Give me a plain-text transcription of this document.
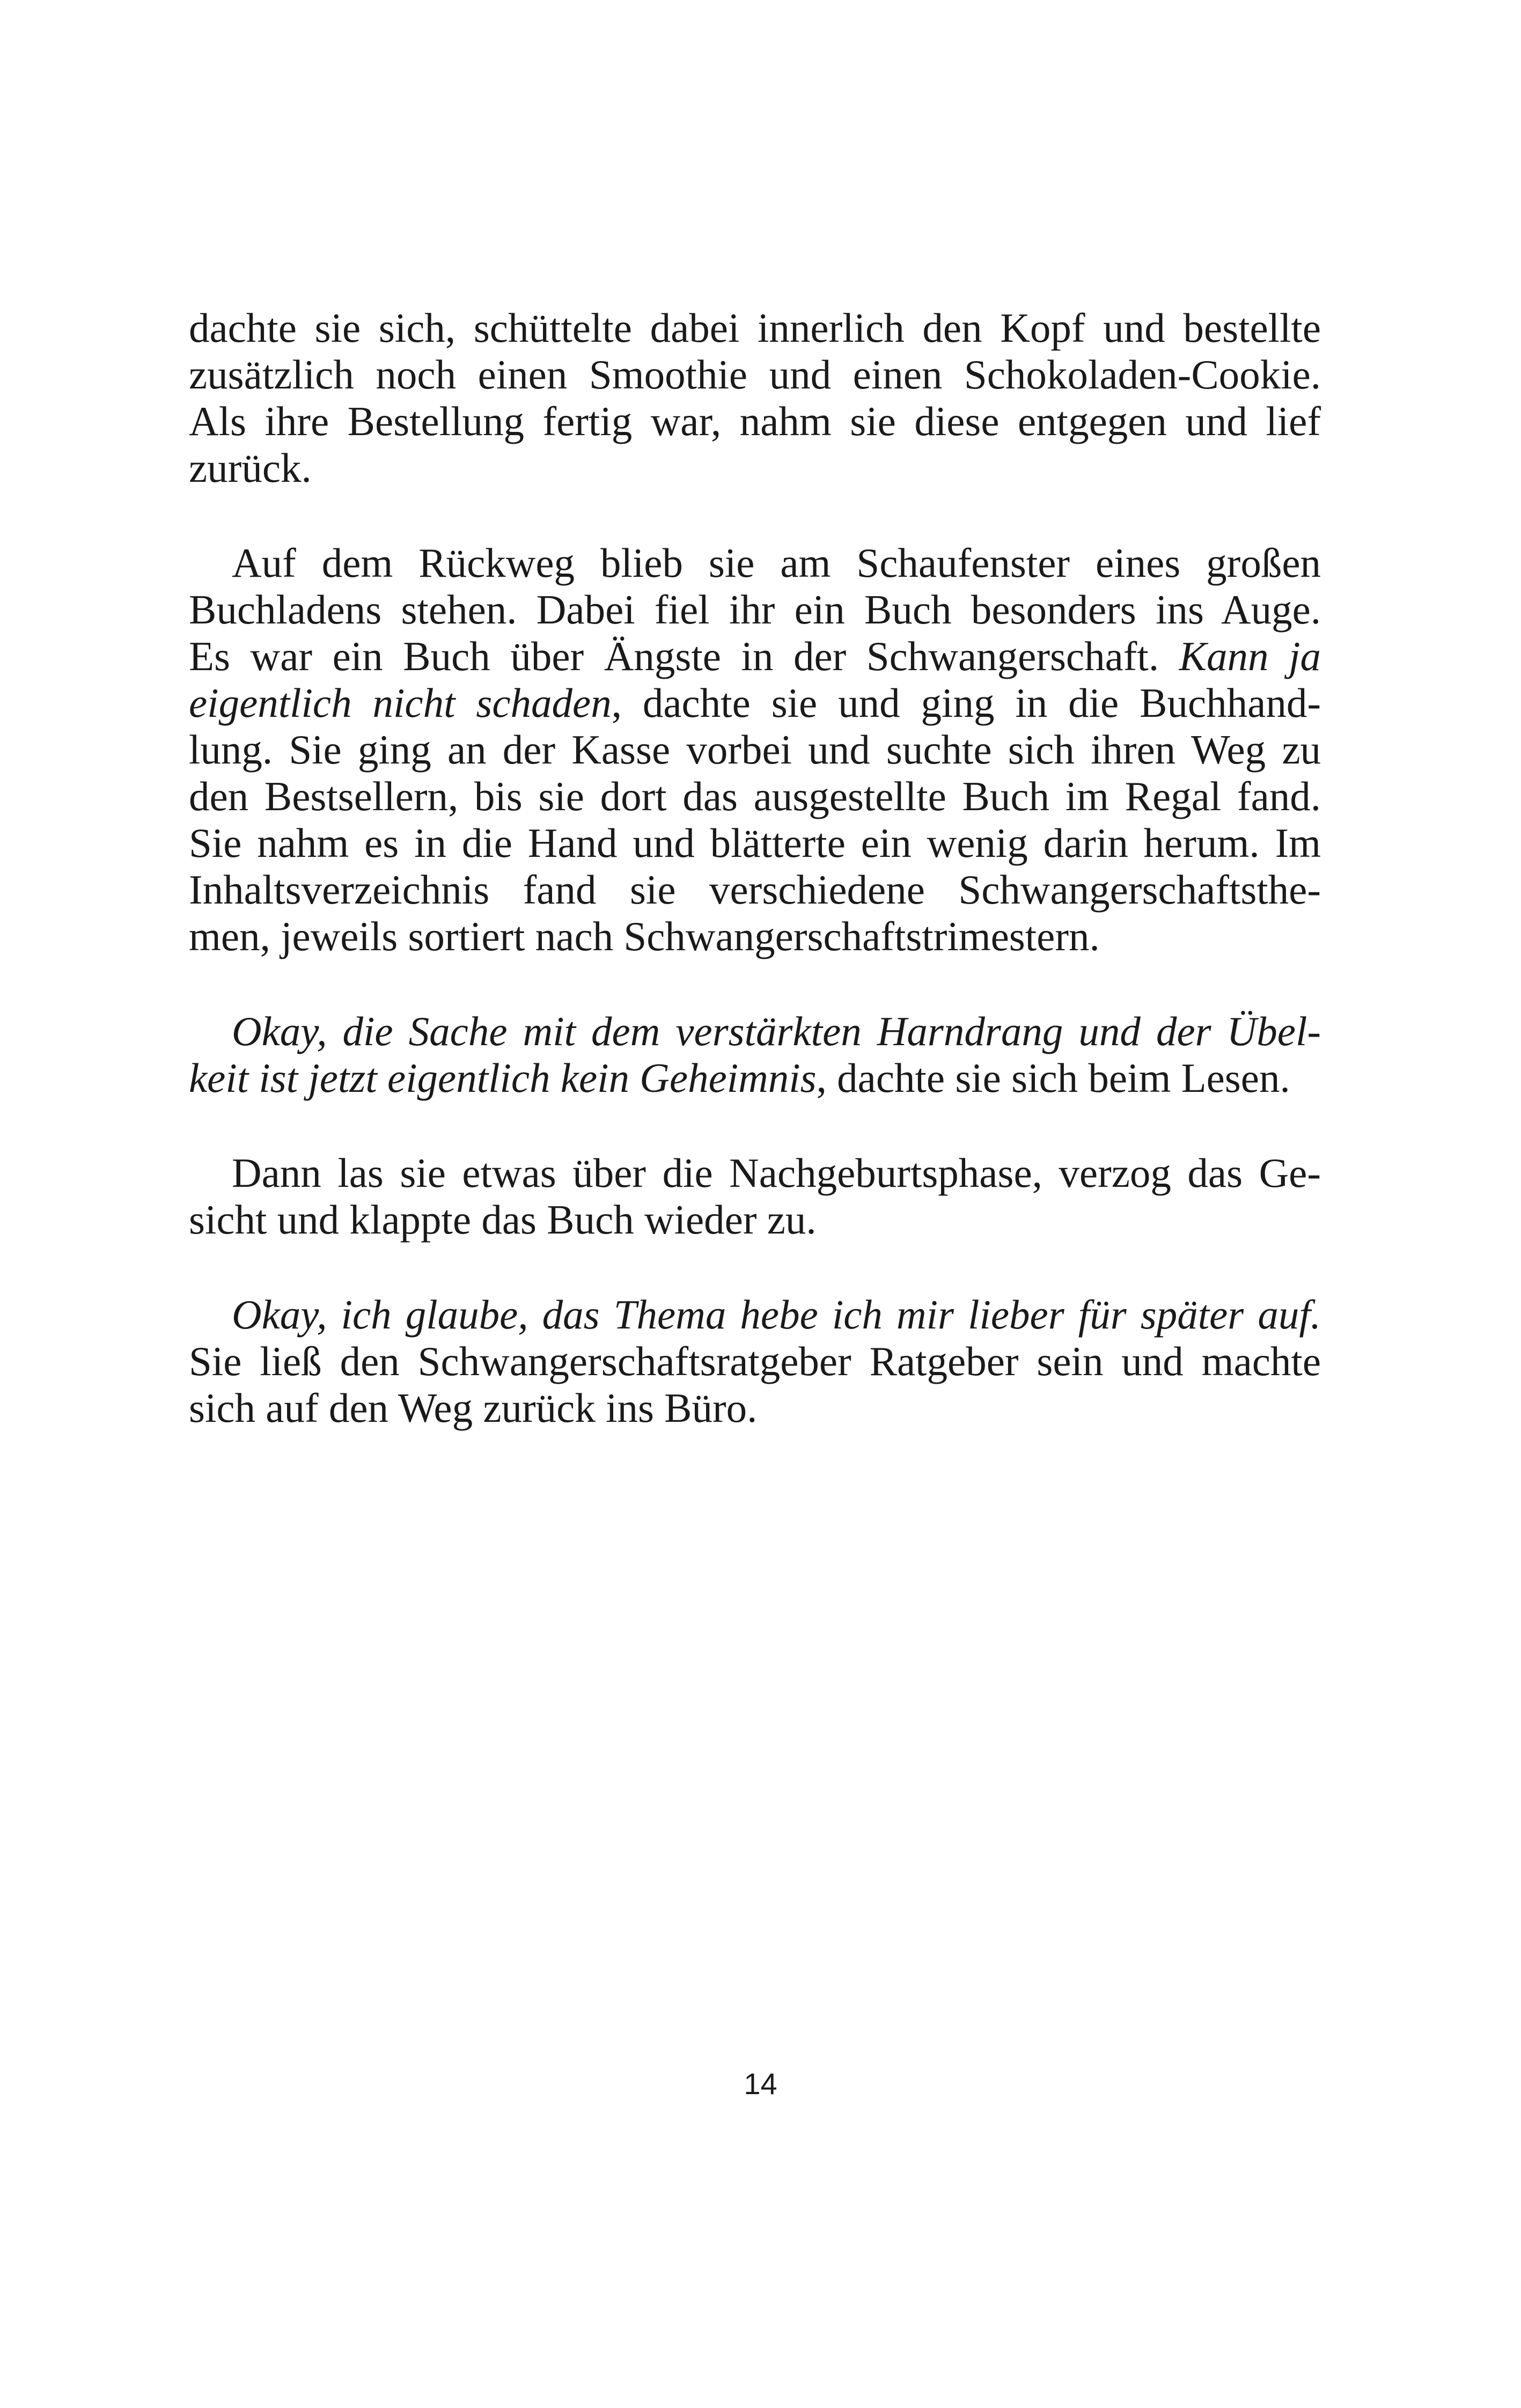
dachte sie sich, schüttelte dabei innerlich den Kopf und bestellte
zusätzlich noch einen Smoothie und einen Schokoladen-Cookie.
Als ihre Bestellung fertig war, nahm sie diese entgegen und lief
zurück.

Auf dem Rückweg blieb sie am Schaufenster eines großen
Buchladens stehen. Dabei fiel ihr ein Buch besonders ins Auge.
Es war ein Buch über Ängste in der Schwangerschaft. Kann ja
eigentlich nicht schaden, dachte sie und ging in die Buchhand-
lung. Sie ging an der Kasse vorbei und suchte sich ihren Weg zu
den Bestsellern, bis sie dort das ausgestellte Buch im Regal fand.
Sie nahm es in die Hand und blätterte ein wenig darin herum. Im
Inhaltsverzeichnis fand sie verschiedene Schwangerschaftsthe-
men, jeweils sortiert nach Schwangerschaftstrimestern.

Okay, die Sache mit dem verstärkten Harndrang und der Übel-
keit ist jetzt eigentlich kein Geheimnis, dachte sie sich beim Lesen.

Dann las sie etwas über die Nachgeburtsphase, verzog das Ge-
sicht und klappte das Buch wieder zu.

Okay, ich glaube, das Thema hebe ich mir lieber für später auf.
Sie ließ den Schwangerschaftsratgeber Ratgeber sein und machte
sich auf den Weg zurück ins Büro.

14
